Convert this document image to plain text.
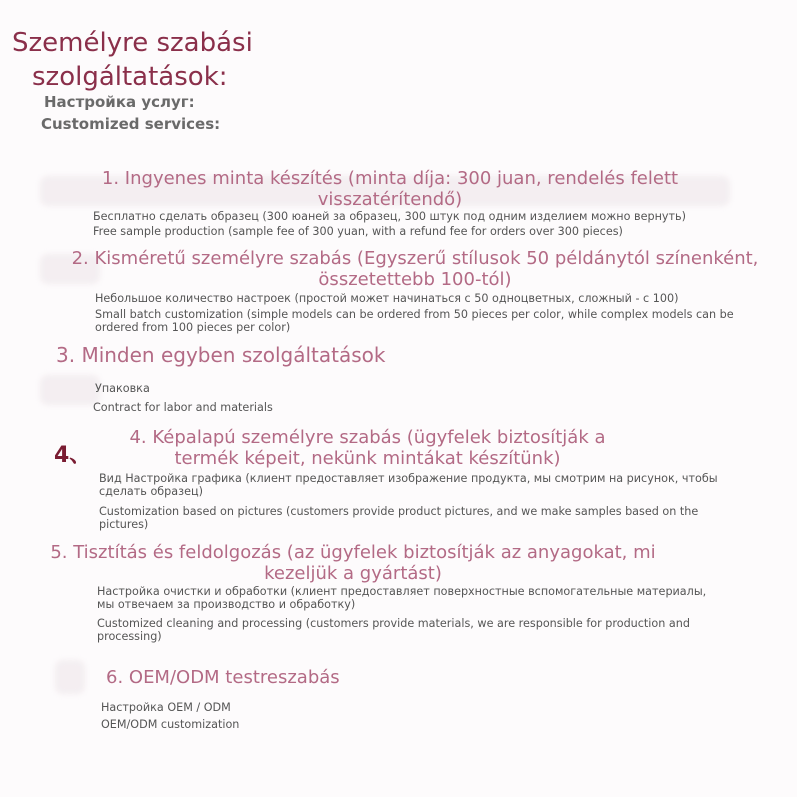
Személyre szabási
szolgáltatások:
Настройка услуг:
Customized services:
1. Ingyenes minta készítés (minta díja: 300 juan, rendelés felett visszatérítendő)
Бесплатно сделать образец (300 юаней за образец, 300 штук под одним изделием можно вернуть)
Free sample production (sample fee of 300 yuan, with a refund fee for orders over 300 pieces)
2. Kisméretű személyre szabás (Egyszerű stílusok 50 példánytól színenként, összetettebb 100-tól)
Небольшое количество настроек (простой может начинаться с 50 одноцветных, сложный - с 100)
Small batch customization (simple models can be ordered from 50 pieces per color, while complex models can be ordered from 100 pieces per color)
3. Minden egyben szolgáltatások
Упаковка
Contract for labor and materials
4、
4. Képalapú személyre szabás (ügyfelek biztosítják a termék képeit, nekünk mintákat készítünk)
Вид Настройка графика (клиент предоставляет изображение продукта, мы смотрим на рисунок, чтобы сделать образец)
Customization based on pictures (customers provide product pictures, and we make samples based on the pictures)
5. Tisztítás és feldolgozás (az ügyfelek biztosítják az anyagokat, mi kezeljük a gyártást)
Настройка очистки и обработки (клиент предоставляет поверхностные вспомогательные материалы, мы отвечаем за производство и обработку)
Customized cleaning and processing (customers provide materials, we are responsible for production and processing)
6. OEM/ODM testreszabás
Настройка OEM / ODM
OEM/ODM customization
